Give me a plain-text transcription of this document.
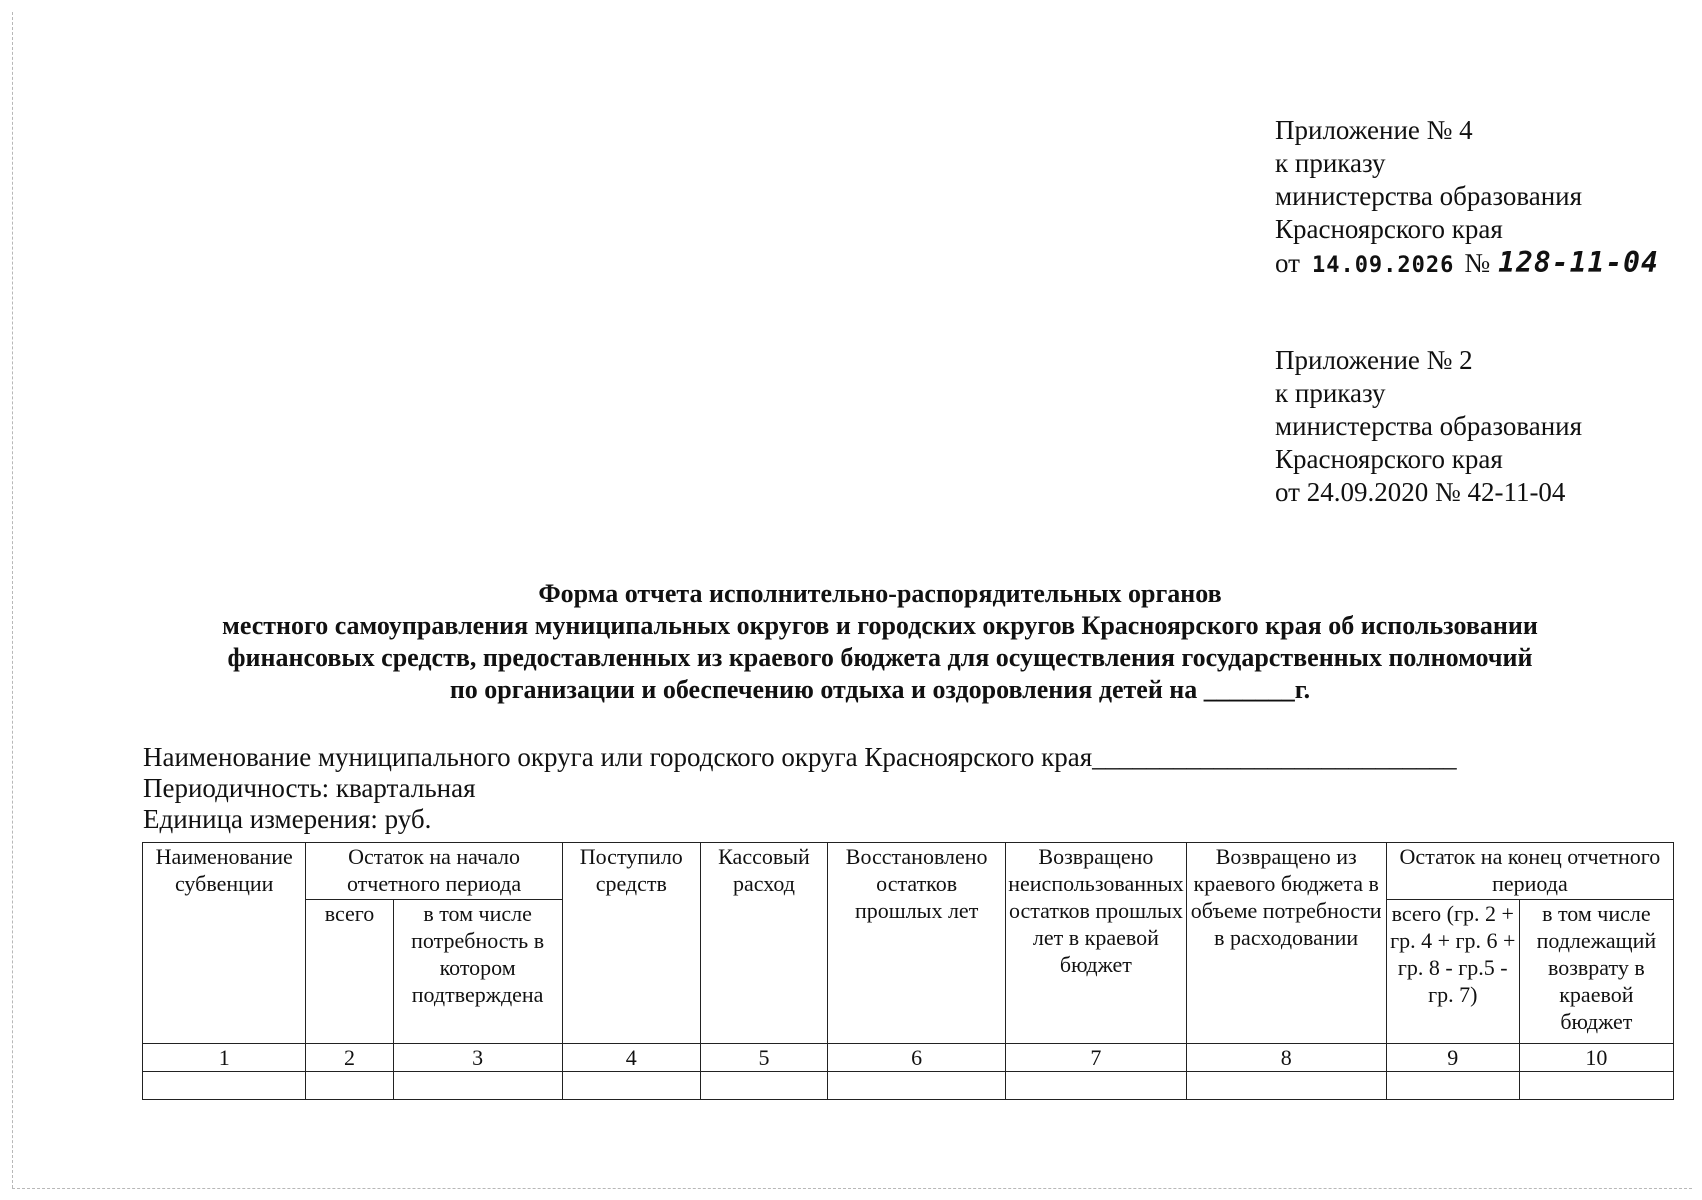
Приложение № 4
к приказу
министерства образования
Красноярского края
от 14.09.2026 № 128-11-04
Приложение № 2
к приказу
министерства образования
Красноярского края
от 24.09.2020 № 42-11-04
Форма отчета исполнительно-распорядительных органов
местного самоуправления муниципальных округов и городских округов Красноярского края об использовании
финансовых средств, предоставленных из краевого бюджета для осуществления государственных полномочий
по организации и обеспечению отдыха и оздоровления детей на _______г.
Наименование муниципального округа или городского округа Красноярского края___________________________
Периодичность: квартальная
Единица измерения: руб.
Наименование субвенции	Остаток на начало отчетного периода		Поступило средств	Кассовый расход	Восстановлено остатков прошлых лет	Возвращено неиспользованных остатков прошлых лет в краевой бюджет	Возвращено из краевого бюджета в объеме потребности в расходовании	Остаток на конец отчетного периода	
	всего	в том числе потребность в котором подтверждена						всего (гр. 2 + гр. 4 + гр. 6 + гр. 8 - гр.5 - гр. 7)	в том числе подлежащий возврату в краевой бюджет
1	2	3	4	5	6	7	8	9	10
